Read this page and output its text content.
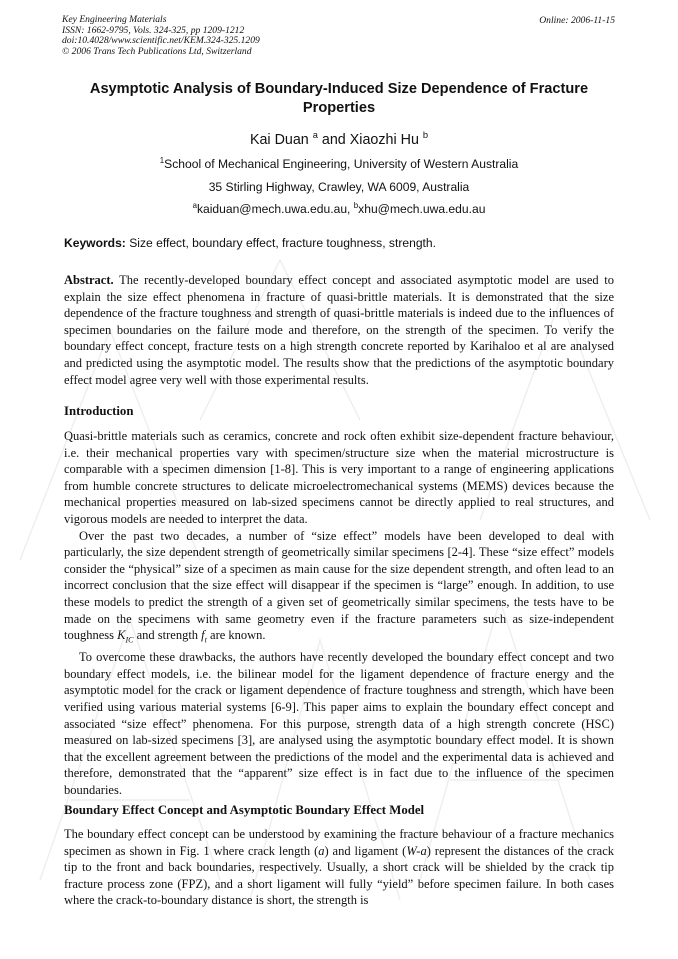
Key Engineering Materials
ISSN: 1662-9795, Vols. 324-325, pp 1209-1212
doi:10.4028/www.scientific.net/KEM.324-325.1209
© 2006 Trans Tech Publications Ltd, Switzerland
Online: 2006-11-15
Asymptotic Analysis of Boundary-Induced Size Dependence of Fracture Properties
Kai Duan $^a$ and Xiaozhi Hu $^b$
$^1$School of Mechanical Engineering, University of Western Australia
35 Stirling Highway, Crawley, WA 6009, Australia
$^a$kaiduan@mech.uwa.edu.au, $^b$xhu@mech.uwa.edu.au
Keywords: Size effect, boundary effect, fracture toughness, strength.

Abstract. The recently-developed boundary effect concept and associated asymptotic model are used to explain the size effect phenomena in fracture of quasi-brittle materials. It is demonstrated that the size dependence of the fracture toughness and strength of quasi-brittle materials is indeed due to the influences of specimen boundaries on the failure mode and therefore, on the strength of the specimen. To verify the boundary effect concept, fracture tests on a high strength concrete reported by Karihaloo et al are analysed and predicted using the asymptotic model. The results show that the predictions of the asymptotic boundary effect model agree very well with those experimental results.

Introduction

Quasi-brittle materials such as ceramics, concrete and rock often exhibit size-dependent fracture behaviour, i.e. their mechanical properties vary with specimen/structure size when the material microstructure is comparable with a specimen dimension [1-8]. This is very important to a range of engineering applications from humble concrete structures to delicate microelectromechanical systems (MEMS) devices because the mechanical properties measured on lab-sized specimens cannot be directly applied to real structures, and vigorous models are needed to interpret the data.

Over the past two decades, a number of “size effect” models have been developed to deal with particularly, the size dependent strength of geometrically similar specimens [2-4]. These “size effect” models consider the “physical” size of a specimen as main cause for the size dependent strength, and often lead to an incorrect conclusion that the size effect will disappear if the specimen is “large” enough. In addition, to use these models to predict the strength of a given set of geometrically similar specimens, the tests have to be made on the specimens with same geometry even if the fracture parameters such as size-independent toughness $K_{IC}$ and strength $f_t$ are known.

To overcome these drawbacks, the authors have recently developed the boundary effect concept and two boundary effect models, i.e. the bilinear model for the ligament dependence of fracture energy and the asymptotic model for the crack or ligament dependence of fracture toughness and strength, which have been verified using various material systems [6-9]. This paper aims to explain the boundary effect concept and associated “size effect” phenomena. For this purpose, strength data of a high strength concrete (HSC) measured on lab-sized specimens [3], are analysed using the asymptotic boundary effect model. It is shown that the excellent agreement between the predictions of the model and the experimental data is achieved and therefore, demonstrated that the “apparent” size effect is in fact due to the influence of the specimen boundaries.

Boundary Effect Concept and Asymptotic Boundary Effect Model

The boundary effect concept can be understood by examining the fracture behaviour of a fracture mechanics specimen as shown in Fig. 1 where crack length (a) and ligament (W-a) represent the distances of the crack tip to the front and back boundaries, respectively. Usually, a short crack will be shielded by the crack tip fracture process zone (FPZ), and a short ligament will fully “yield” before specimen failure. In both cases where the crack-to-boundary distance is short, the strength is
